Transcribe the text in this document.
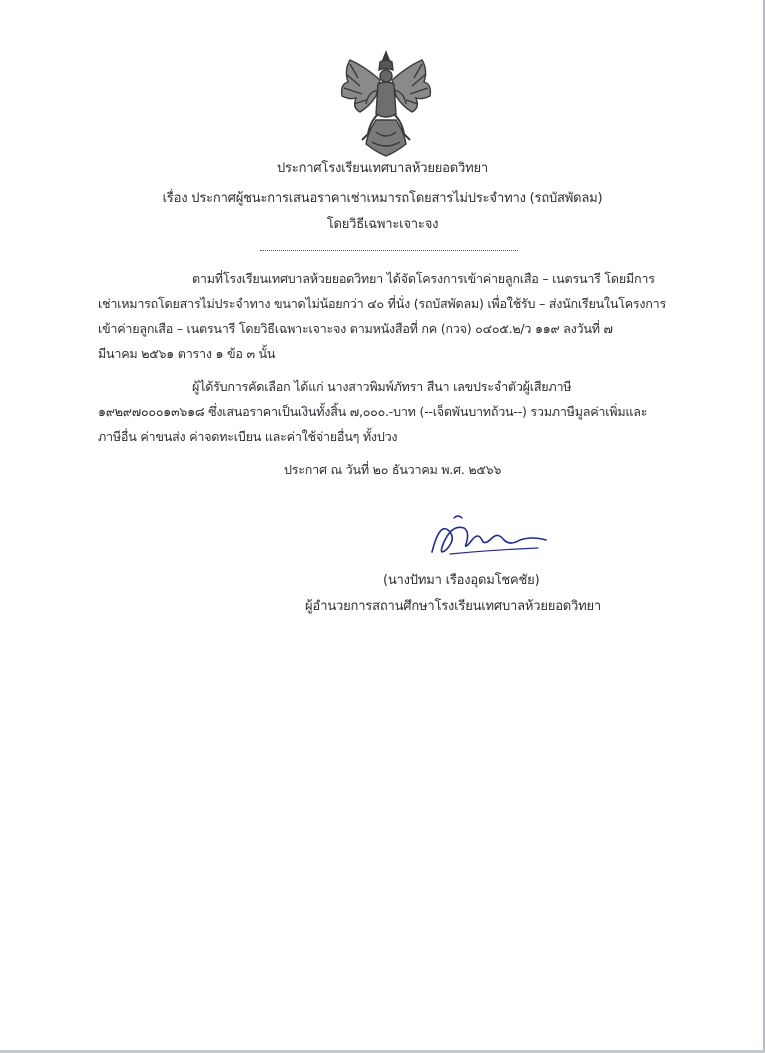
ประกาศโรงเรียนเทศบาลห้วยยอดวิทยา
เรื่อง ประกาศผู้ชนะการเสนอราคาเช่าเหมารถโดยสารไม่ประจำทาง (รถบัสพัดลม)
โดยวิธีเฉพาะเจาะจง
ตามที่โรงเรียนเทศบาลห้วยยอดวิทยา ได้จัดโครงการเข้าค่ายลูกเสือ – เนตรนารี โดยมีการ
เช่าเหมารถโดยสารไม่ประจำทาง ขนาดไม่น้อยกว่า ๔๐ ที่นั่ง (รถบัสพัดลม) เพื่อใช้รับ – ส่งนักเรียนในโครงการ
เข้าค่ายลูกเสือ – เนตรนารี โดยวิธีเฉพาะเจาะจง ตามหนังสือที่ กค (กวจ) ๐๔๐๕.๒/ว ๑๑๙ ลงวันที่ ๗
มีนาคม ๒๕๖๑ ตาราง ๑ ข้อ ๓ นั้น
ผู้ได้รับการคัดเลือก ได้แก่ นางสาวพิมพ์ภัทรา สีนา เลขประจำตัวผู้เสียภาษี
๑๙๒๙๗๐๐๐๑๓๖๑๘ ซึ่งเสนอราคาเป็นเงินทั้งสิ้น ๗,๐๐๐.-บาท (--เจ็ดพันบาทถ้วน--) รวมภาษีมูลค่าเพิ่มและ
ภาษีอื่น ค่าขนส่ง ค่าจดทะเบียน และค่าใช้จ่ายอื่นๆ ทั้งปวง
ประกาศ ณ วันที่ ๒๐ ธันวาคม พ.ศ. ๒๕๖๖
(นางปัทมา เรืองอุดมโชคชัย)
ผู้อำนวยการสถานศึกษาโรงเรียนเทศบาลห้วยยอดวิทยา
